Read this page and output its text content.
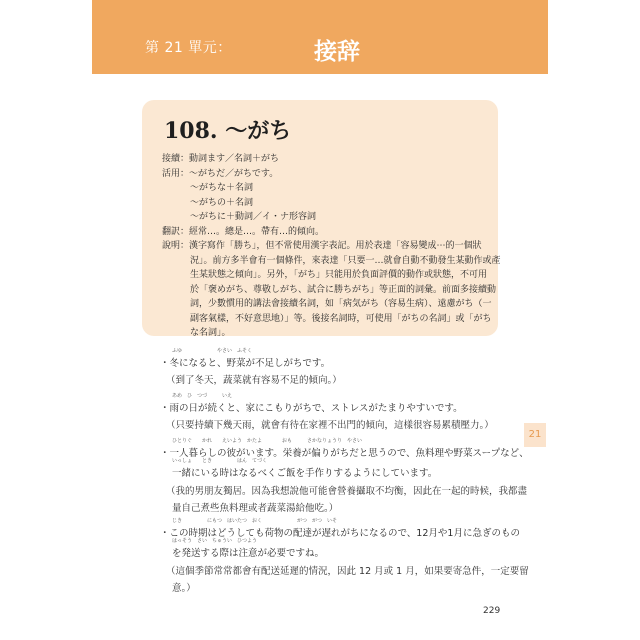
第 21 單元：	接辞
108. ～がち
接續：動詞ます／名詞＋がち
活用：～がちだ／がちです。
～がちな＋名詞
～がちの＋名詞
～がちに＋動詞／イ・ナ形容詞
翻訳：經常…。總是…。帶有…的傾向。
說明：漢字寫作「勝ち」，但不常使用漢字表記。用於表達「容易變成⋯的一個狀
況」。前方多半會有一個條件，來表達「只要一…就會自動不動發生某動作或產
生某狀態之傾向」。另外，「がち」只能用於負面評價的動作或狀態，不可用
於「褒めがち、尊敬しがち、試合に勝ちがち」等正面的詞彙。前面多接續動
詞，少數慣用的講法會接續名詞，如「病気がち（容易生病）、遠慮がち（一
副客氣樣，不好意思地）」等。後接名詞時，可使用「がちの名詞」或「がち
な名詞」。
ふゆ　　　　　　　やさい　ふそく
・冬になると、野菜が不足しがちです。
（到了冬天，蔬菜就有容易不足的傾向。）
あめ　ひ　つづ　　　いえ
・雨の日が続くと、家にこもりがちで、ストレスがたまりやすいです。
（只要持續下幾天雨，就會有待在家裡不出門的傾向，這樣很容易累積壓力。）
ひとりぐ　　かれ　　えいよう　かたよ　　　　おも　　　さかなりょうり　やさい
・一人暮らしの彼がいます。栄養が偏りがちだと思うので、魚料理や野菜スープなど、
いっしょ　　とき　　　　　はん　てづく
一緒にいる時はなるべくご飯を手作りするようにしています。
（我的男朋友獨居。因為我想說他可能會營養攝取不均衡，因此在一起的時候，我都盡
量自己煮些魚料理或者蔬菜湯給他吃。）
じき　　　　　にもつ　はいたつ　おく　　　　　　　がつ　がつ　いそ
・この時期はどうしても荷物の配達が遅れがちになるので、12月や1月に急ぎのもの
はっそう　さい　ちゅうい　ひつよう
を発送する際は注意が必要ですね。
（這個季節常常都會有配送延遲的情況，因此 12 月或 1 月，如果要寄急件，一定要留
意。）
21
229
